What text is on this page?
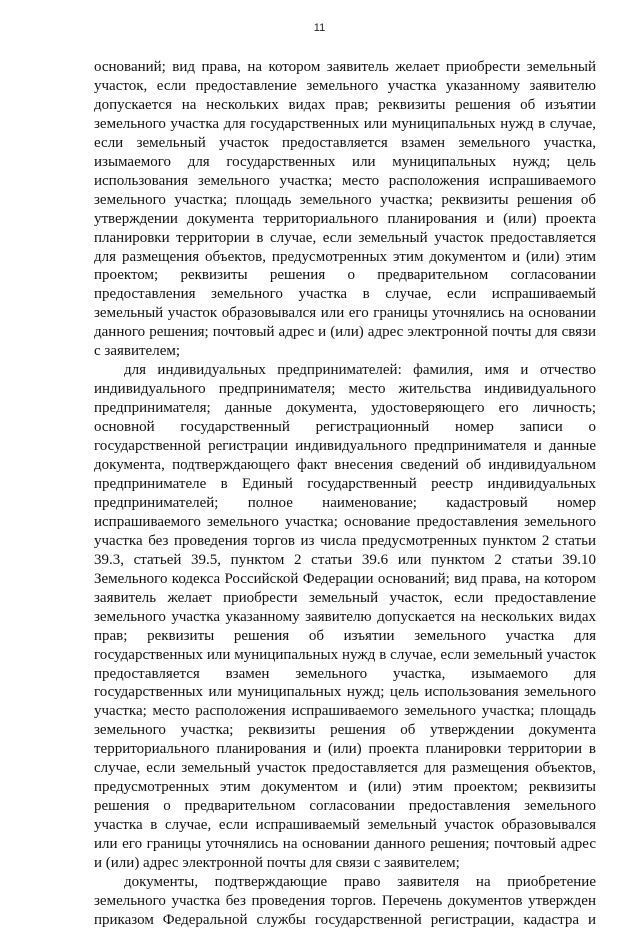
11

оснований; вид права, на котором заявитель желает приобрести земельный участок, если предоставление земельного участка указанному заявителю допускается на нескольких видах прав; реквизиты решения об изъятии земельного участка для государственных или муниципальных нужд в случае, если земельный участок предоставляется взамен земельного участка, изымаемого для государственных или муниципальных нужд; цель использования земельного участка; место расположения испрашиваемого земельного участка; площадь земельного участка; реквизиты решения об утверждении документа территориального планирования и (или) проекта планировки территории в случае, если земельный участок предоставляется для размещения объектов, предусмотренных этим документом и (или) этим проектом; реквизиты решения о предварительном согласовании предоставления земельного участка в случае, если испрашиваемый земельный участок образовывался или его границы уточнялись на основании данного решения; почтовый адрес и (или) адрес электронной почты для связи с заявителем;

для индивидуальных предпринимателей: фамилия, имя и отчество индивидуального предпринимателя; место жительства индивидуального предпринимателя; данные документа, удостоверяющего его личность; основной государственный регистрационный номер записи о государственной регистрации индивидуального предпринимателя и данные документа, подтверждающего факт внесения сведений об индивидуальном предпринимателе в Единый государственный реестр индивидуальных предпринимателей; полное наименование; кадастровый номер испрашиваемого земельного участка; основание предоставления земельного участка без проведения торгов из числа предусмотренных пунктом 2 статьи 39.3, статьей 39.5, пунктом 2 статьи 39.6 или пунктом 2 статьи 39.10 Земельного кодекса Российской Федерации оснований; вид права, на котором заявитель желает приобрести земельный участок, если предоставление земельного участка указанному заявителю допускается на нескольких видах прав; реквизиты решения об изъятии земельного участка для государственных или муниципальных нужд в случае, если земельный участок предоставляется взамен земельного участка, изымаемого для государственных или муниципальных нужд; цель использования земельного участка; место расположения испрашиваемого земельного участка; площадь земельного участка; реквизиты решения об утверждении документа территориального планирования и (или) проекта планировки территории в случае, если земельный участок предоставляется для размещения объектов, предусмотренных этим документом и (или) этим проектом; реквизиты решения о предварительном согласовании предоставления земельного участка в случае, если испрашиваемый земельный участок образовывался или его границы уточнялись на основании данного решения; почтовый адрес и (или) адрес электронной почты для связи с заявителем;

документы, подтверждающие право заявителя на приобретение земельного участка без проведения торгов. Перечень документов утвержден приказом Федеральной службы государственной регистрации, кадастра и
